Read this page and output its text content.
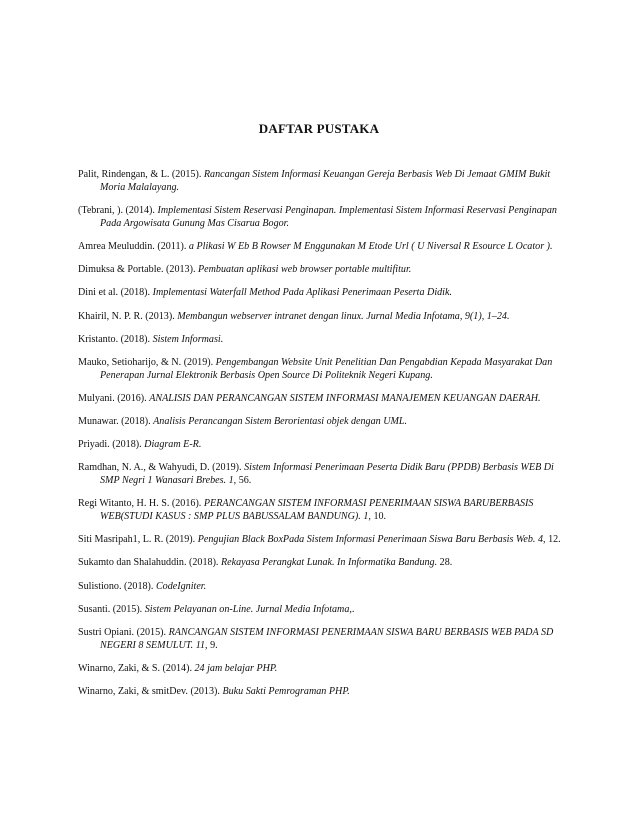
DAFTAR PUSTAKA

Palit, Rindengan, & L. (2015). Rancangan Sistem Informasi Keuangan Gereja Berbasis Web Di Jemaat GMIM Bukit Moria Malalayang.

(Tebrani, ). (2014). Implementasi Sistem Reservasi Penginapan. Implementasi Sistem Informasi Reservasi Penginapan Pada Argowisata Gunung Mas Cisarua Bogor.

Amrea Meuluddin. (2011). a Plikasi W Eb B Rowser M Enggunakan M Etode Url ( U Niversal R Esource L Ocator ).

Dimuksa & Portable. (2013). Pembuatan aplikasi web browser portable multifitur.

Dini et al. (2018). Implementasi Waterfall Method Pada Aplikasi Penerimaan Peserta Didik.

Khairil, N. P. R. (2013). Membangun webserver intranet dengan linux. Jurnal Media Infotama, 9(1), 1–24.

Kristanto. (2018). Sistem Informasi.

Mauko, Setioharijo, & N. (2019). Pengembangan Website Unit Penelitian Dan Pengabdian Kepada Masyarakat Dan Penerapan Jurnal Elektronik Berbasis Open Source Di Politeknik Negeri Kupang.

Mulyani. (2016). ANALISIS DAN PERANCANGAN SISTEM INFORMASI MANAJEMEN KEUANGAN DAERAH.

Munawar. (2018). Analisis Perancangan Sistem Berorientasi objek dengan UML.

Priyadi. (2018). Diagram E-R.

Ramdhan, N. A., & Wahyudi, D. (2019). Sistem Informasi Penerimaan Peserta Didik Baru (PPDB) Berbasis WEB Di SMP Negri 1 Wanasari Brebes. 1, 56.

Regi Witanto, H. H. S. (2016). PERANCANGAN SISTEM INFORMASI PENERIMAAN SISWA BARUBERBASIS WEB(STUDI KASUS : SMP PLUS BABUSSALAM BANDUNG). 1, 10.

Siti Masripah1, L. R. (2019). Pengujian Black BoxPada Sistem Informasi Penerimaan Siswa Baru Berbasis Web. 4, 12.

Sukamto dan Shalahuddin. (2018). Rekayasa Perangkat Lunak. In Informatika Bandung. 28.

Sulistiono. (2018). CodeIgniter.

Susanti. (2015). Sistem Pelayanan on-Line. Jurnal Media Infotama,.

Sustri Opiani. (2015). RANCANGAN SISTEM INFORMASI PENERIMAAN SISWA BARU BERBASIS WEB PADA SD NEGERI 8 SEMULUT. 11, 9.

Winarno, Zaki, & S. (2014). 24 jam belajar PHP.

Winarno, Zaki, & smitDev. (2013). Buku Sakti Pemrograman PHP.
